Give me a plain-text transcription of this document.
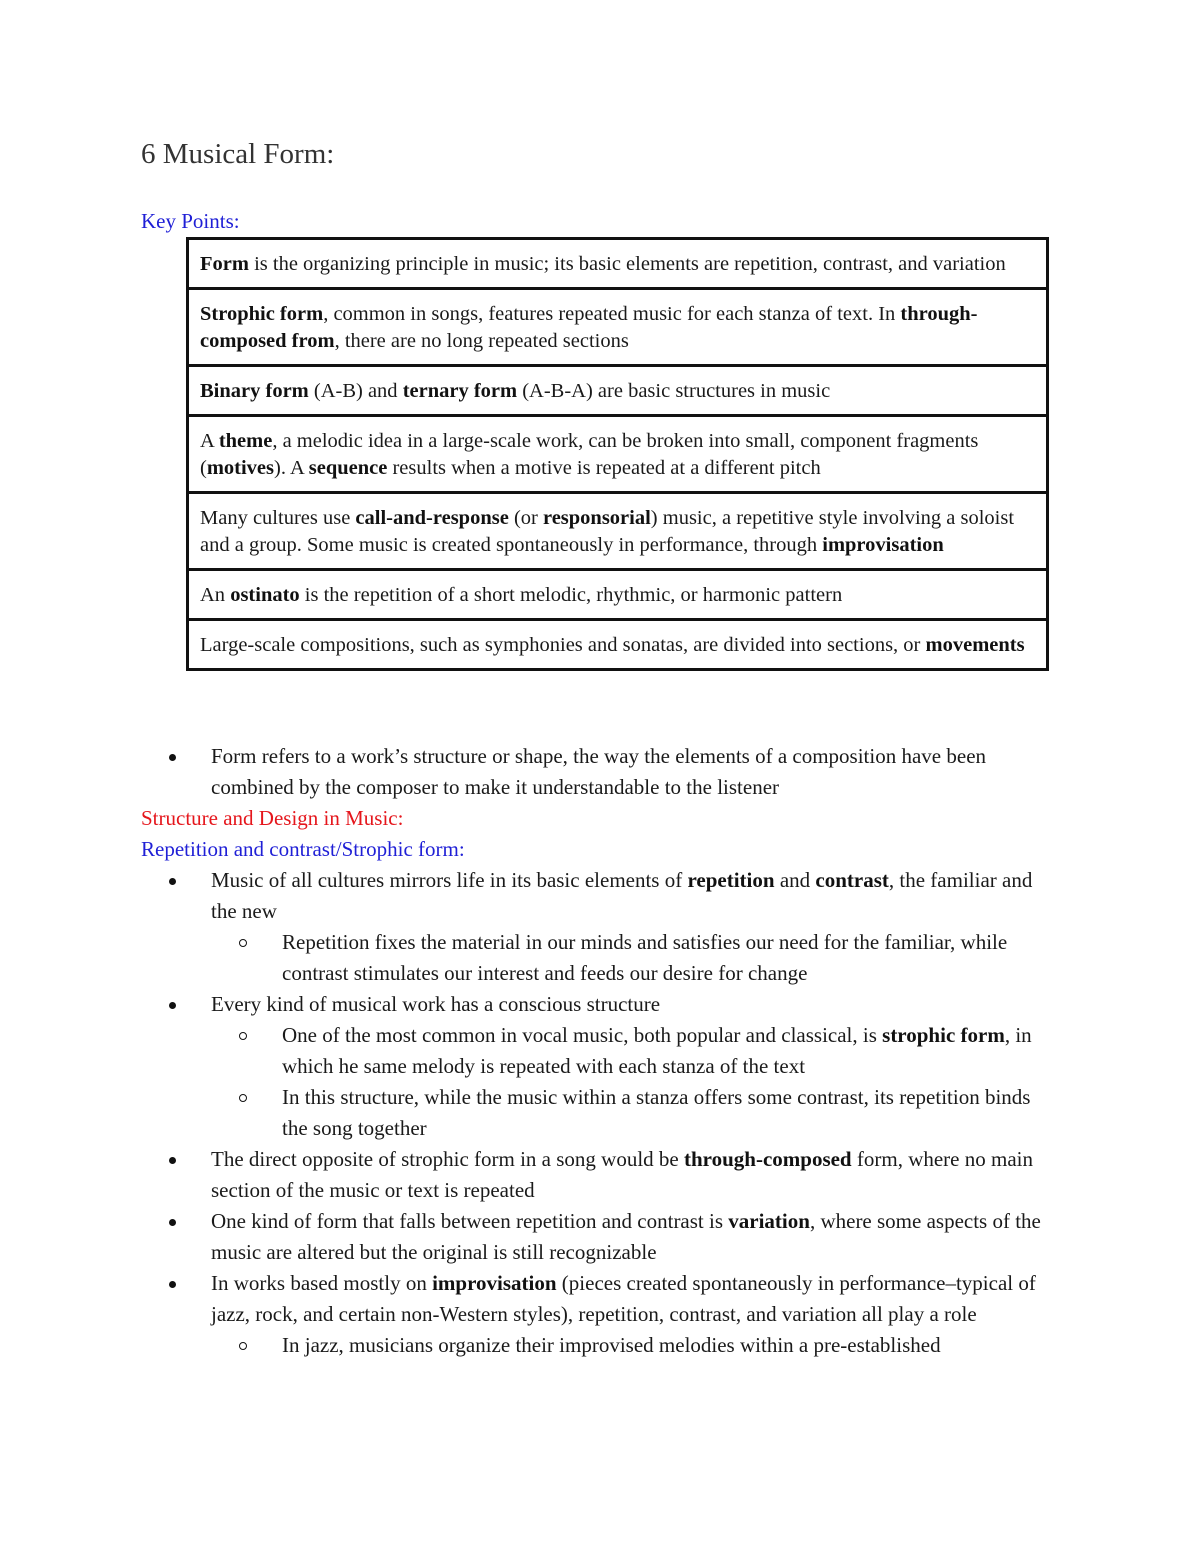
6 Musical Form:

Key Points:

Form is the organizing principle in music; its basic elements are repetition, contrast, and variation
Strophic form, common in songs, features repeated music for each stanza of text. In through-composed from, there are no long repeated sections
Binary form (A-B) and ternary form (A-B-A) are basic structures in music
A theme, a melodic idea in a large-scale work, can be broken into small, component fragments (motives). A sequence results when a motive is repeated at a different pitch
Many cultures use call-and-response (or responsorial) music, a repetitive style involving a soloist and a group. Some music is created spontaneously in performance, through improvisation
An ostinato is the repetition of a short melodic, rhythmic, or harmonic pattern
Large-scale compositions, such as symphonies and sonatas, are divided into sections, or movements
Form refers to a work’s structure or shape, the way the elements of a composition have been combined by the composer to make it understandable to the listener

Structure and Design in Music:

Repetition and contrast/Strophic form:

Music of all cultures mirrors life in its basic elements of repetition and contrast, the familiar and the new
Repetition fixes the material in our minds and satisfies our need for the familiar, while contrast stimulates our interest and feeds our desire for change
Every kind of musical work has a conscious structure
One of the most common in vocal music, both popular and classical, is strophic form, in which he same melody is repeated with each stanza of the text
In this structure, while the music within a stanza offers some contrast, its repetition binds the song together
The direct opposite of strophic form in a song would be through-composed form, where no main section of the music or text is repeated
One kind of form that falls between repetition and contrast is variation, where some aspects of the music are altered but the original is still recognizable
In works based mostly on improvisation (pieces created spontaneously in performance–typical of jazz, rock, and certain non-Western styles), repetition, contrast, and variation all play a role
In jazz, musicians organize their improvised melodies within a pre-established
